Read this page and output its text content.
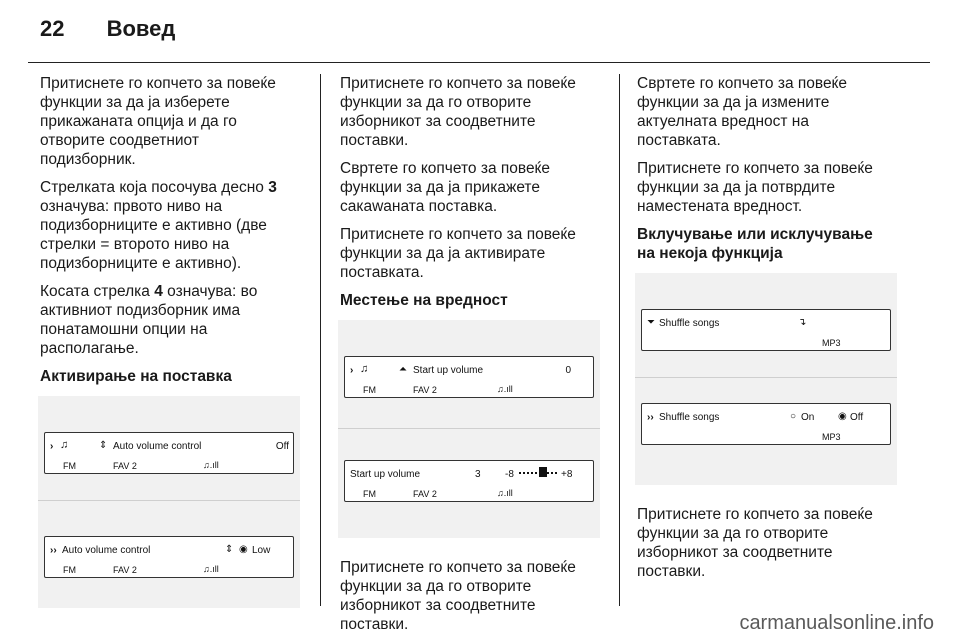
22 Вовед

Притиснете го копчето за повеќе функции за да ја изберете прикажаната опција и да го отворите соодветниот подизборник.

Стрелката која посочува десно 3 означува: првото ниво на подизборниците е активно (две стрелки = второто ниво на подизборниците е активно).

Косата стрелка 4 означува: во активниот подизборник има понатамошни опции на располагање.

Активирање на поставка
› ♫	⇕ Auto volume control	Off
FM	FAV 2	♫.ıll
›› Auto volume control	⇕ ◉ Low
FM	FAV 2	♫.ıll

Притиснете го копчето за повеќе функции за да го отворите изборникот за соодветните поставки.

Свртете го копчето за повеќе функции за да ја прикажете сакаwaната поставка.

Притиснете го копчето за повеќе функции за да ја активирате поставката.

Местење на вредност
› ♫	⏶ Start up volume	0
FM	FAV 2	♫.ıll
Start up volume	3 -8	+8
FM	FAV 2	♫.ıll

Притиснете го копчето за повеќе функции за да го отворите изборникот за соодветните поставки.

Свртете го копчето за повеќе функции за да ја измените актуелната вредност на поставката.

Притиснете го копчето за повеќе функции за да ја потврдите наместената вредност.

Вклучување или исклучување на некоја функција
⏷ Shuffle songs	↴
MP3
›› Shuffle songs	○ On ◉ Off
MP3

Притиснете го копчето за повеќе функции за да го отворите изборникот за соодветните поставки.

carmanualsonline.info
